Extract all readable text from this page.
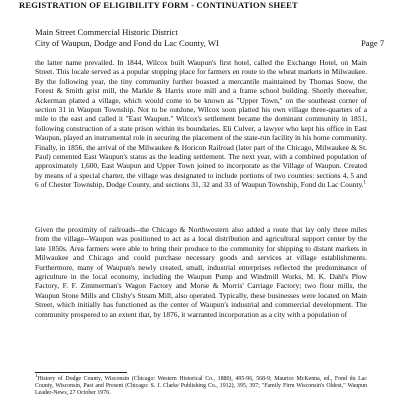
REGISTRATION OF ELIGIBILITY FORM - CONTINUATION SHEET
Main Street Commercial Historic District
City of Waupun, Dodge and Fond du Lac County, WI	Page 7

the latter name prevailed. In 1844, Wilcox built Waupun's first hotel, called the Exchange Hotel, on Main Street. This locale served as a popular stopping place for farmers en route to the wheat markets in Milwaukee. By the following year, the tiny community further boasted a mercantile maintained by Thomas Snow, the Forest & Smith grist mill, the Markle & Harris store mill and a frame school building. Shortly thereafter, Ackerman platted a village, which would come to be known as "Upper Town," on the southeast corner of section 31 in Waupun Township. Not to be outdone, Wilcox soon platted his own village three-quarters of a mile to the east and called it "East Waupun." Wilcox's settlement became the dominant community in 1851, following construction of a state prison within its boundaries. Eli Culver, a lawyer who kept his office in East Waupun, played an instrumental role in securing the placement of the state-run facility in his home community. Finally, in 1856, the arrival of the Milwaukee & Horicon Railroad (later part of the Chicago, Milwaukee & St. Paul) cemented East Waupun's status as the leading settlement. The next year, with a combined population of approximately 1,600, East Waupun and Upper Town joined to incorporate as the Village of Waupun. Created by means of a special charter, the village was designated to include portions of two counties: sections 4, 5 and 6 of Chester Township, Dodge County, and sections 31, 32 and 33 of Waupun Township, Fond du Lac County.$^1$

Given the proximity of railroads--the Chicago & Northwestern also added a route that lay only three miles from the village--Waupun was positioned to act as a local distribution and agricultural support center by the late 1850s. Area farmers were able to bring their produce to the community for shipping to distant markets in Milwaukee and Chicago and could purchase necessary goods and services at village establishments. Furthermore, many of Waupun's newly created, small, industrial enterprises reflected the predominance of agriculture in the local economy, including the Waupun Pump and Windmill Works, M. K. Dahl's Plow Factory, F. F. Zimmerman's Wagon Factory and Morse & Morris' Carriage Factory; two flour mills, the Waupun Stone Mills and Clisby's Steam Mill, also operated. Typically, these businesses were located on Main Street, which initially has functioned as the center of Waupun's industrial and commercial development. The community prospered to an extent that, by 1876, it warranted incorporation as a city with a population of

$^1$History of Dodge County, Wisconsin (Chicago: Western Historical Co., 1880), 495-96, 568-9; Maurice McKenna, ed., Fond du Lac County, Wisconsin, Past and Present (Chicago: S. J. Clarke Publishing Co., 1912), 395, 397; "Family Firm Wisconsin's Oldest," Waupun Leader-News, 27 October 1976.
